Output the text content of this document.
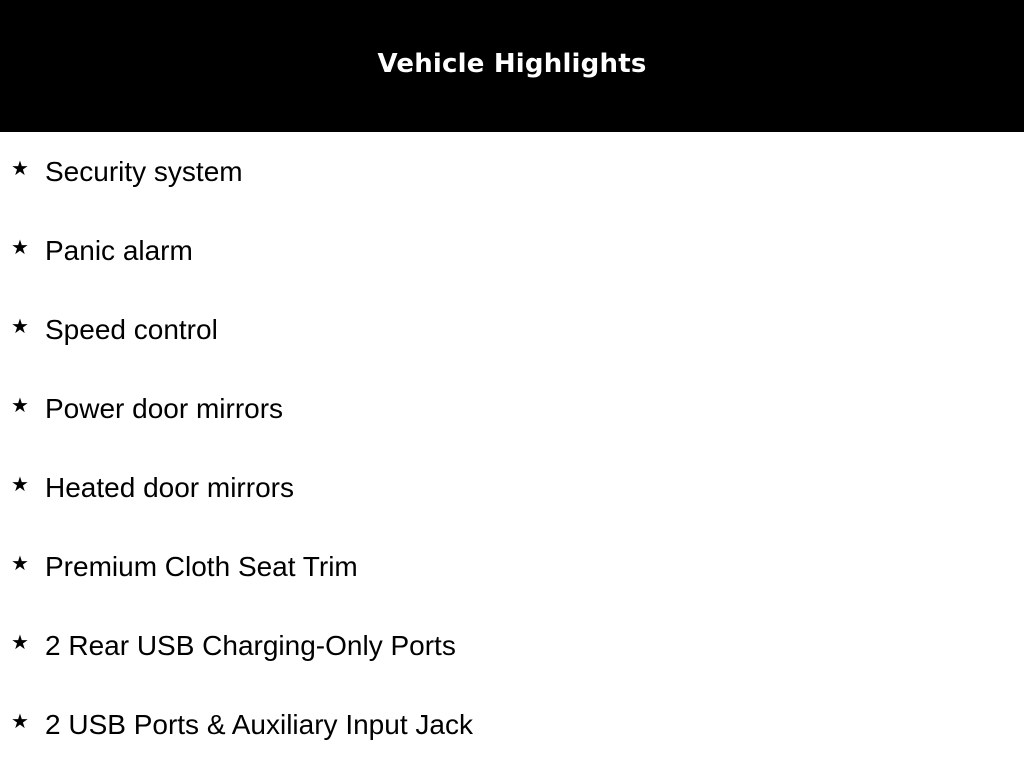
Vehicle Highlights
★ Security system
★ Panic alarm
★ Speed control
★ Power door mirrors
★ Heated door mirrors
★ Premium Cloth Seat Trim
★ 2 Rear USB Charging-Only Ports
★ 2 USB Ports & Auxiliary Input Jack
